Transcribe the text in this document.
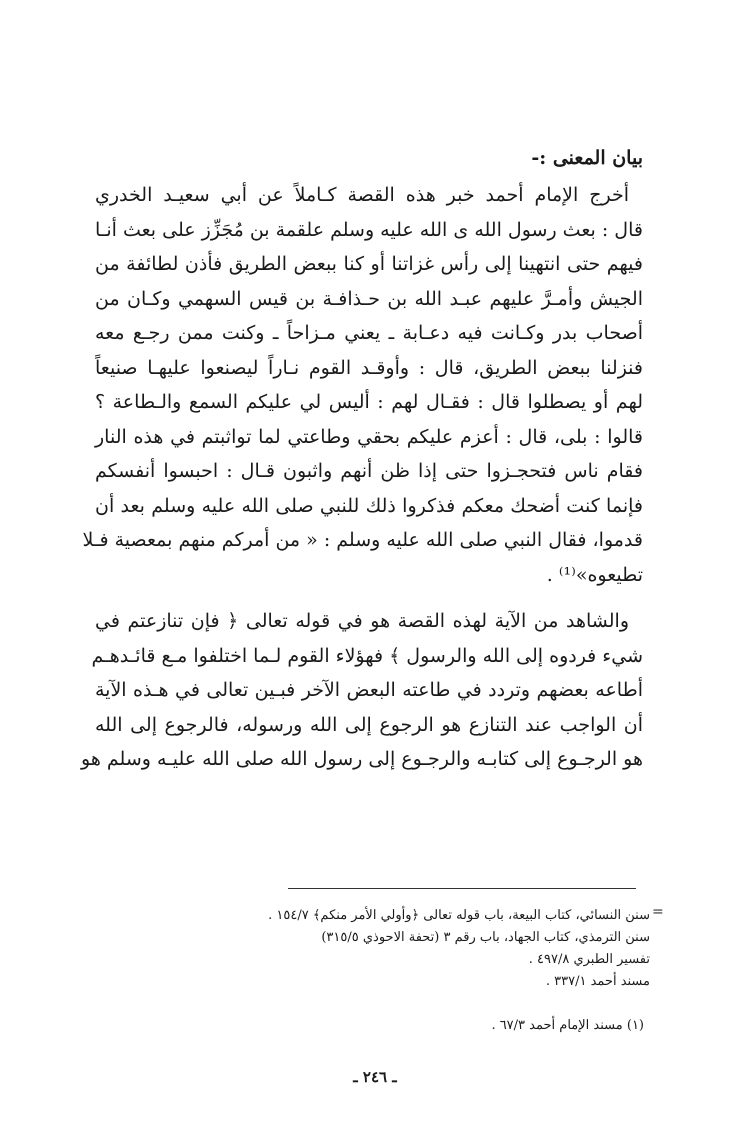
بيان المعنى :-
أخرج الإمام أحمد خبر هذه القصة كـاملاً عن أبي سعيـد الخدري
قال : بعث رسول الله ى الله عليه وسلم علقمة بن مُجَزِّز على بعث أنـا
فيهم حتى انتهينا إلى رأس غزاتنا أو كنا ببعض الطريق فأذن لطائفة من
الجيش وأمـرَّ عليهم عبـد الله بن حـذافـة بن قيس السهمي وكـان من
أصحاب بدر وكـانت فيه دعـابة ـ يعني مـزاحاً ـ وكنت ممن رجـع معه
فنزلنا ببعض الطريق، قال : وأوقـد القوم نـاراً ليصنعوا عليهـا صنيعاً
لهم أو يصطلوا قال : فقـال لهم : أليس لي عليكم السمع والـطاعة ؟
قالوا : بلى، قال : أعزم عليكم بحقي وطاعتي لما تواثبتم في هذه النار
فقام ناس فتحجـزوا حتى إذا ظن أنهم واثبون قـال : احبسوا أنفسكم
فإنما كنت أضحك معكم فذكروا ذلك للنبي صلى الله عليه وسلم بعد أن
قدموا، فقال النبي صلى الله عليه وسلم : « من أمركم منهم بمعصية فـلا
تطيعوه»⁽¹⁾ .
والشاهد من الآية لهذه القصة هو في قوله تعالى ﴿ فإن تنازعتم في
شيء فردوه إلى الله والرسول ﴾ فهؤلاء القوم لـما اختلفوا مـع قائـدهـم
أطاعه بعضهم وتردد في طاعته البعض الآخر فبـين تعالى في هـذه الآية
أن الواجب عند التنازع هو الرجوع إلى الله ورسوله، فالرجوع إلى الله
هو الرجـوع إلى كتابـه والرجـوع إلى رسول الله صلى الله عليـه وسلم هو
=
سنن النسائي، كتاب البيعة، باب قوله تعالى ﴿وأولي الأمر منكم﴾ ١٥٤/٧ .
سنن الترمذي، كتاب الجهاد، باب رقم ٣ (تحفة الاحوذي ٣١٥/٥)
تفسير الطبري ٤٩٧/٨ .
مسند أحمد ٣٣٧/١ .
(١) مسند الإمام أحمد ٦٧/٣ .
ـ ٢٤٦ ـ
